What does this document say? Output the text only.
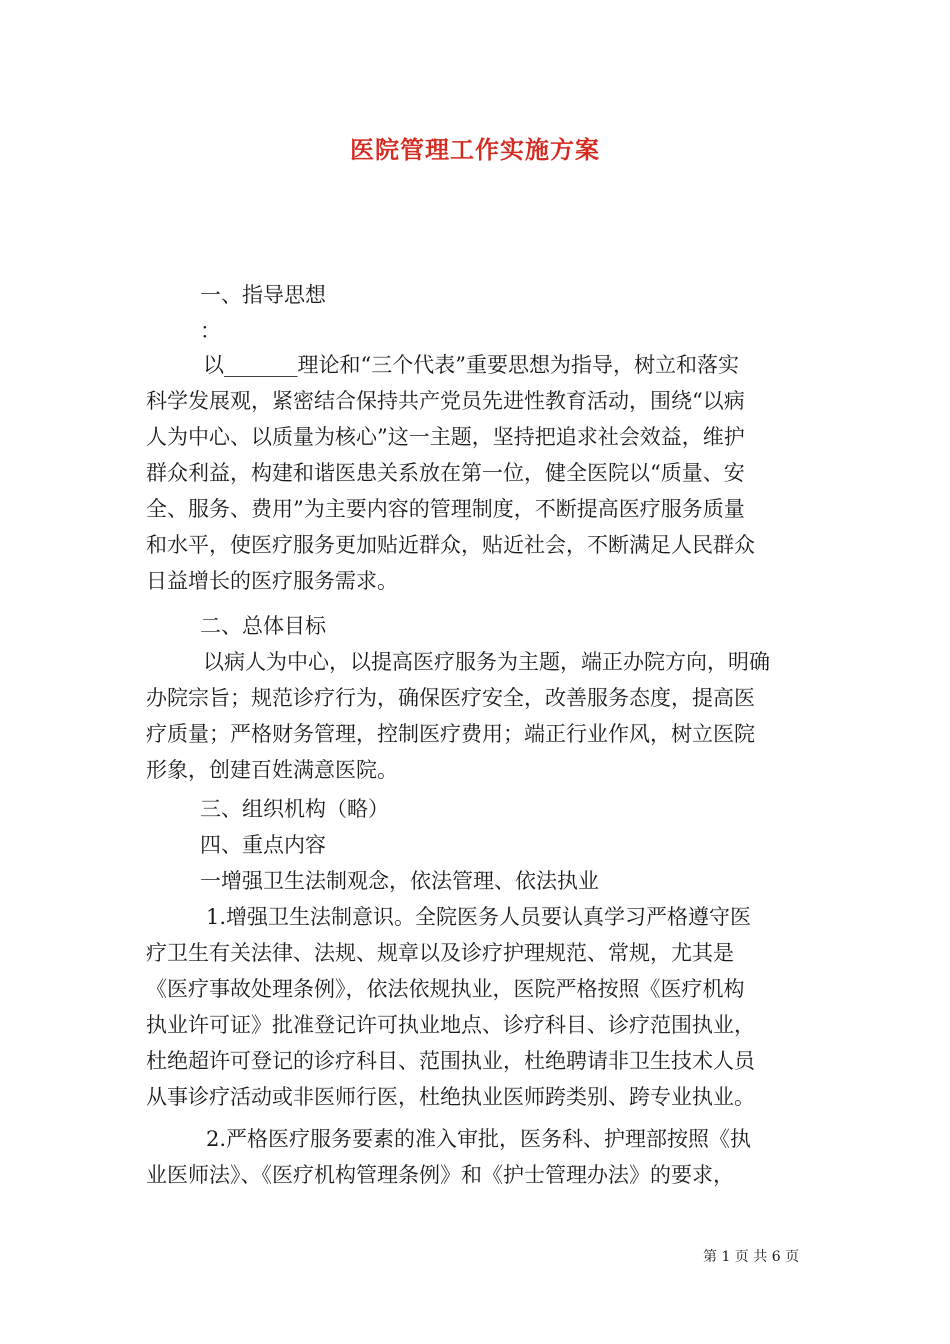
医院管理工作实施方案
一、指导思想
：
以_______理论和“三个代表”重要思想为指导，树立和落实
科学发展观，紧密结合保持共产党员先进性教育活动，围绕“以病
人为中心、以质量为核心”这一主题，坚持把追求社会效益，维护
群众利益，构建和谐医患关系放在第一位，健全医院以“质量、安
全、服务、费用”为主要内容的管理制度，不断提高医疗服务质量
和水平，使医疗服务更加贴近群众，贴近社会，不断满足人民群众
日益增长的医疗服务需求。
二、总体目标
以病人为中心，以提高医疗服务为主题，端正办院方向，明确
办院宗旨；规范诊疗行为，确保医疗安全，改善服务态度，提高医
疗质量；严格财务管理，控制医疗费用；端正行业作风，树立医院
形象，创建百姓满意医院。
三、组织机构（略）
四、重点内容
一增强卫生法制观念，依法管理、依法执业
1.增强卫生法制意识。全院医务人员要认真学习严格遵守医
疗卫生有关法律、法规、规章以及诊疗护理规范、常规，尤其是
《医疗事故处理条例》，依法依规执业，医院严格按照《医疗机构
执业许可证》批准登记许可执业地点、诊疗科目、诊疗范围执业，
杜绝超许可登记的诊疗科目、范围执业，杜绝聘请非卫生技术人员
从事诊疗活动或非医师行医，杜绝执业医师跨类别、跨专业执业。
2.严格医疗服务要素的准入审批，医务科、护理部按照《执
业医师法》、《医疗机构管理条例》和《护士管理办法》的要求，
第 1 页 共 6 页
